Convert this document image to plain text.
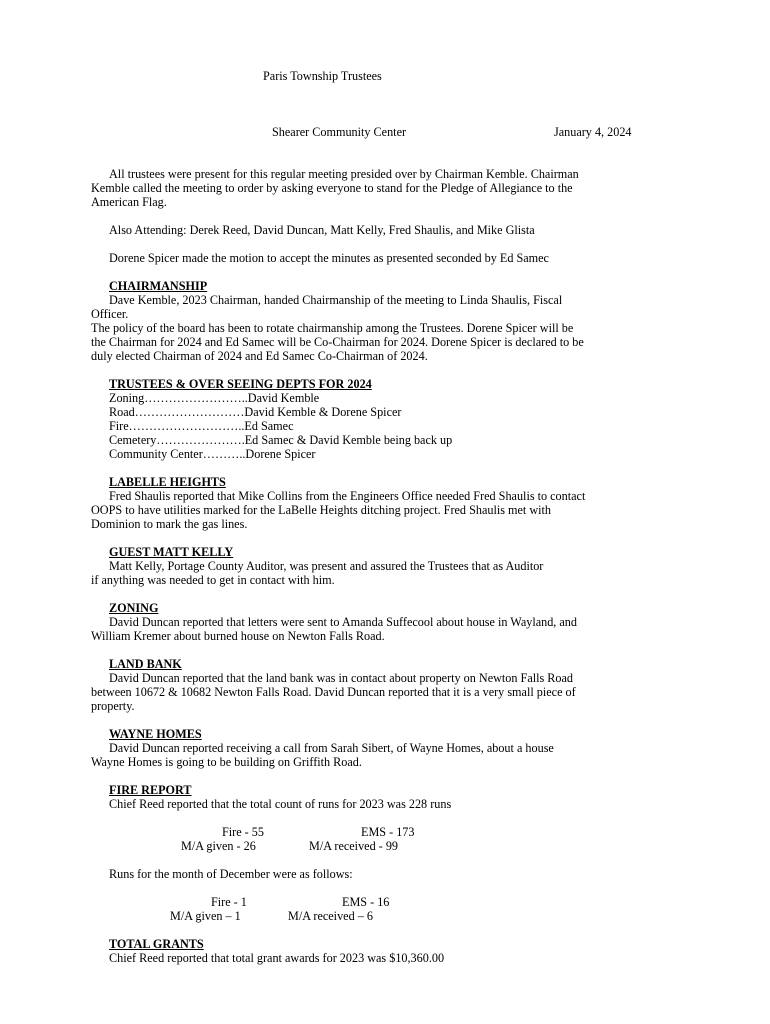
Paris Township Trustees
Shearer Community Center	January 4, 2024
All trustees were present for this regular meeting presided over by Chairman Kemble. Chairman
Kemble called the meeting to order by asking everyone to stand for the Pledge of Allegiance to the
American Flag.
Also Attending: Derek Reed, David Duncan, Matt Kelly, Fred Shaulis, and Mike Glista
Dorene Spicer made the motion to accept the minutes as presented seconded by Ed Samec
CHAIRMANSHIP
Dave Kemble, 2023 Chairman, handed Chairmanship of the meeting to Linda Shaulis, Fiscal
Officer.
The policy of the board has been to rotate chairmanship among the Trustees. Dorene Spicer will be
the Chairman for 2024 and Ed Samec will be Co-Chairman for 2024. Dorene Spicer is declared to be
duly elected Chairman of 2024 and Ed Samec Co-Chairman of 2024.
TRUSTEES & OVER SEEING DEPTS FOR 2024
Zoning……………………..David Kemble
Road………………………David Kemble & Dorene Spicer
Fire………………………..Ed Samec
Cemetery………………….Ed Samec & David Kemble being back up
Community Center………..Dorene Spicer
LABELLE HEIGHTS
Fred Shaulis reported that Mike Collins from the Engineers Office needed Fred Shaulis to contact
OOPS to have utilities marked for the LaBelle Heights ditching project. Fred Shaulis met with
Dominion to mark the gas lines.
GUEST MATT KELLY
Matt Kelly, Portage County Auditor, was present and assured the Trustees that as Auditor
if anything was needed to get in contact with him.
ZONING
David Duncan reported that letters were sent to Amanda Suffecool about house in Wayland, and
William Kremer about burned house on Newton Falls Road.
LAND BANK
David Duncan reported that the land bank was in contact about property on Newton Falls Road
between 10672 & 10682 Newton Falls Road. David Duncan reported that it is a very small piece of
property.
WAYNE HOMES
David Duncan reported receiving a call from Sarah Sibert, of Wayne Homes, about a house
Wayne Homes is going to be building on Griffith Road.
FIRE REPORT
Chief Reed reported that the total count of runs for 2023 was 228 runs
Fire - 55	EMS - 173
M/A given - 26	M/A received - 99
Runs for the month of December were as follows:
Fire - 1	EMS - 16
M/A given – 1	M/A received – 6
TOTAL GRANTS
Chief Reed reported that total grant awards for 2023 was $10,360.00
